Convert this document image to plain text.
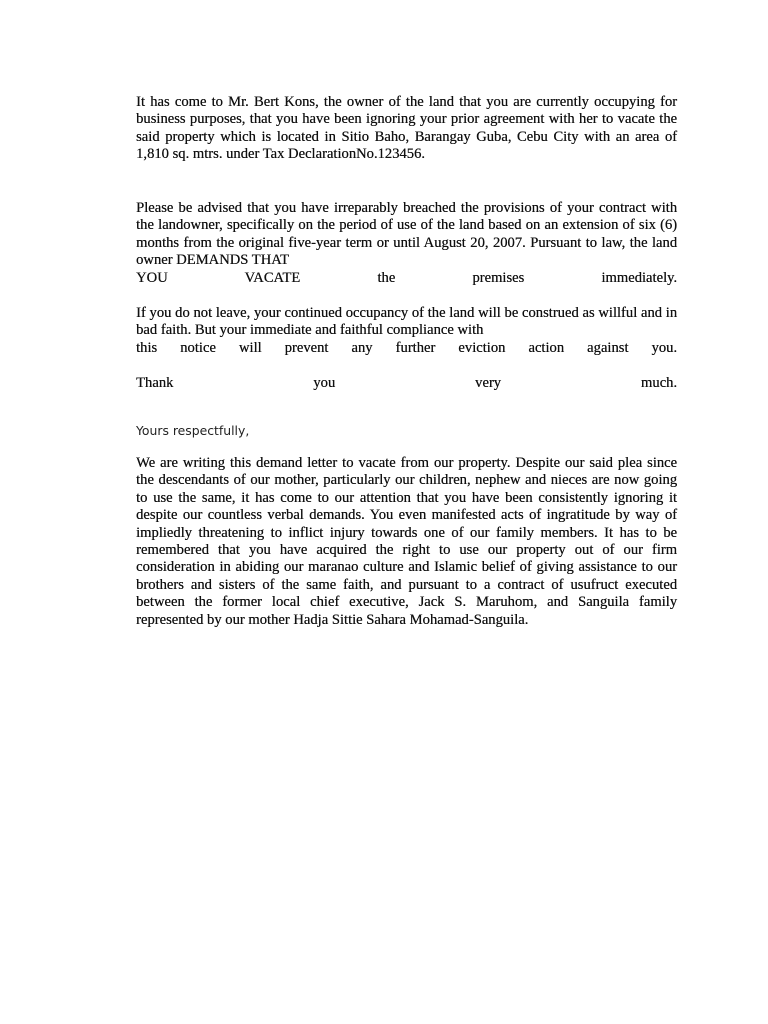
It has come to Mr. Bert Kons, the owner of the land that you are currently occupying for business purposes, that you have been ignoring your prior agreement with her to vacate the said property which is located in Sitio Baho, Barangay Guba, Cebu City with an area of 1,810 sq. mtrs. under Tax DeclarationNo.123456.

Please be advised that you have irreparably breached the provisions of your contract with the landowner, specifically on the period of use of the land based on an extension of six (6) months from the original five-year term or until August 20, 2007. Pursuant to law, the land owner DEMANDS THAT
YOU VACATE the premises immediately.

If you do not leave, your continued occupancy of the land will be construed as willful and in bad faith. But your immediate and faithful compliance with
this notice will prevent any further eviction action against you.

Thank you very much.

Yours respectfully,

We are writing this demand letter to vacate from our property. Despite our said plea since the descendants of our mother, particularly our children, nephew and nieces are now going to use the same, it has come to our attention that you have been consistently ignoring it despite our countless verbal demands. You even manifested acts of ingratitude by way of impliedly threatening to inflict injury towards one of our family members. It has to be remembered that you have acquired the right to use our property out of our firm consideration in abiding our maranao culture and Islamic belief of giving assistance to our brothers and sisters of the same faith, and pursuant to a contract of usufruct executed between the former local chief executive, Jack S. Maruhom, and Sanguila family represented by our mother Hadja Sittie Sahara Mohamad-Sanguila.
